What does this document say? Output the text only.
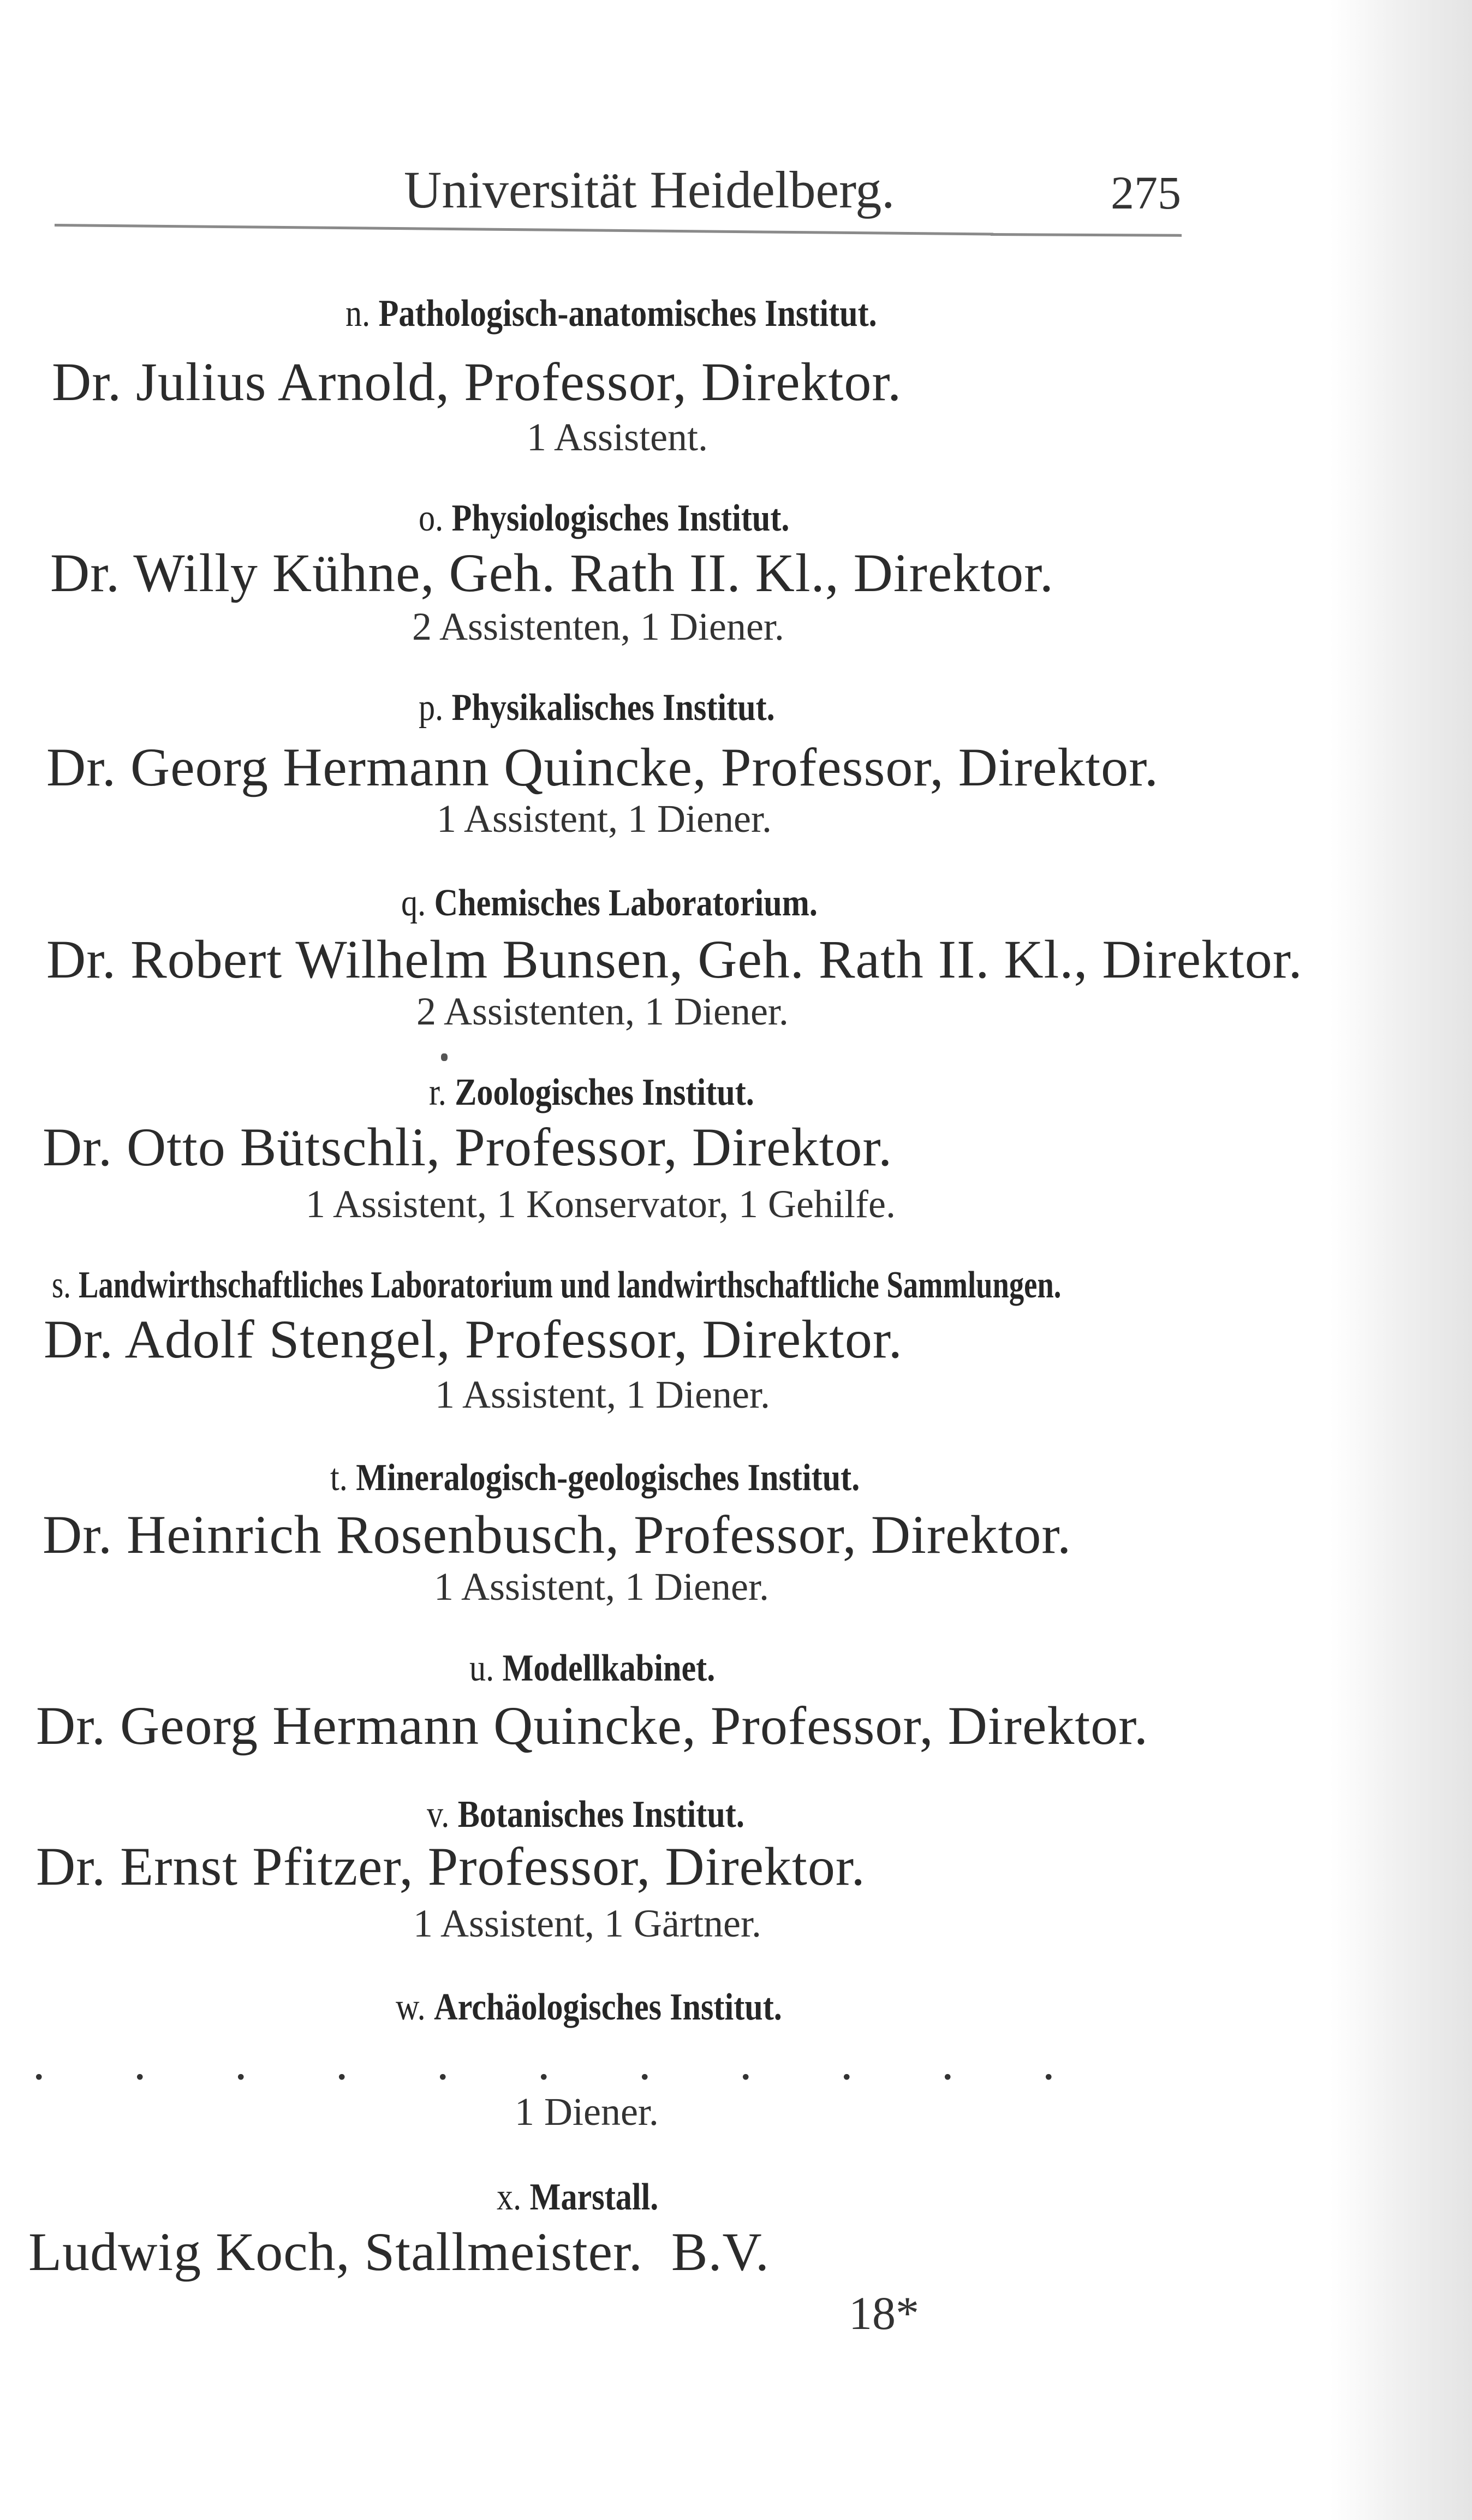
Universität Heidelberg.	275
n. Pathologisch-anatomisches Institut.
Dr. Julius Arnold, Professor, Direktor.
1 Assistent.
o. Physiologisches Institut.
Dr. Willy Kühne, Geh. Rath II. Kl., Direktor.
2 Assistenten, 1 Diener.
p. Physikalisches Institut.
Dr. Georg Hermann Quincke, Professor, Direktor.
1 Assistent, 1 Diener.
q. Chemisches Laboratorium.
Dr. Robert Wilhelm Bunsen, Geh. Rath II. Kl., Direktor.
2 Assistenten, 1 Diener.
r. Zoologisches Institut.
Dr. Otto Bütschli, Professor, Direktor.
1 Assistent, 1 Konservator, 1 Gehilfe.
s. Landwirthschaftliches Laboratorium und landwirthschaftliche Sammlungen.
Dr. Adolf Stengel, Professor, Direktor.
1 Assistent, 1 Diener.
t. Mineralogisch-geologisches Institut.
Dr. Heinrich Rosenbusch, Professor, Direktor.
1 Assistent, 1 Diener.
u. Modellkabinet.
Dr. Georg Hermann Quincke, Professor, Direktor.
v. Botanisches Institut.
Dr. Ernst Pfitzer, Professor, Direktor.
1 Assistent, 1 Gärtner.
w. Archäologisches Institut.
. . . . . . . . . . .
1 Diener.
x. Marstall.
Ludwig Koch, Stallmeister.  B.V.
18*
